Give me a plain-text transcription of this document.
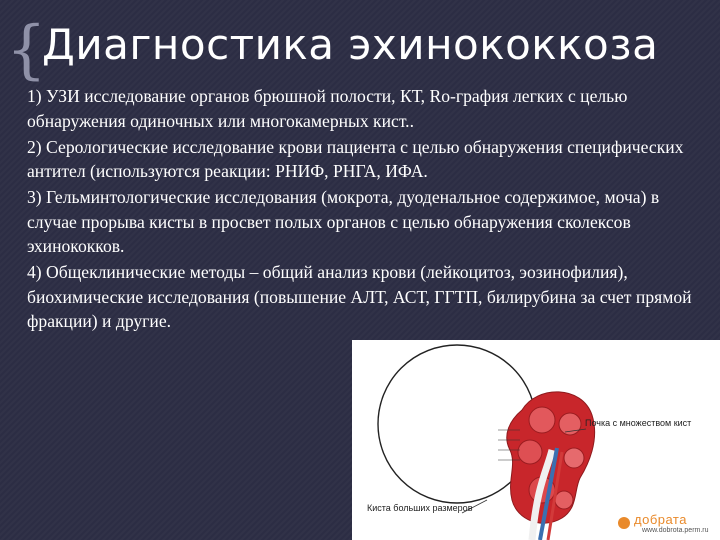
{
Диагностика эхинококкоза

1) УЗИ исследование органов брюшной полости, КТ, Ro-графия легких с целью обнаружения одиночных или многокамерных кист..

2) Серологические исследование крови пациента с целью обнаружения специфических антител (используются реакции: РНИФ, РНГА, ИФА.

3) Гельминтологические исследования (мокрота, дуоденальное содержимое, моча) в случае прорыва кисты в просвет полых органов с целью обнаружения сколексов эхинококков.

4) Общеклинические методы – общий анализ крови (лейкоцитоз, эозинофилия), биохимические исследования (повышение АЛТ, АСТ, ГГТП, билирубина за счет прямой фракции) и другие.

Почка с множеством кист
Киста больших размеров
добрата
www.dobrota.perm.ru
